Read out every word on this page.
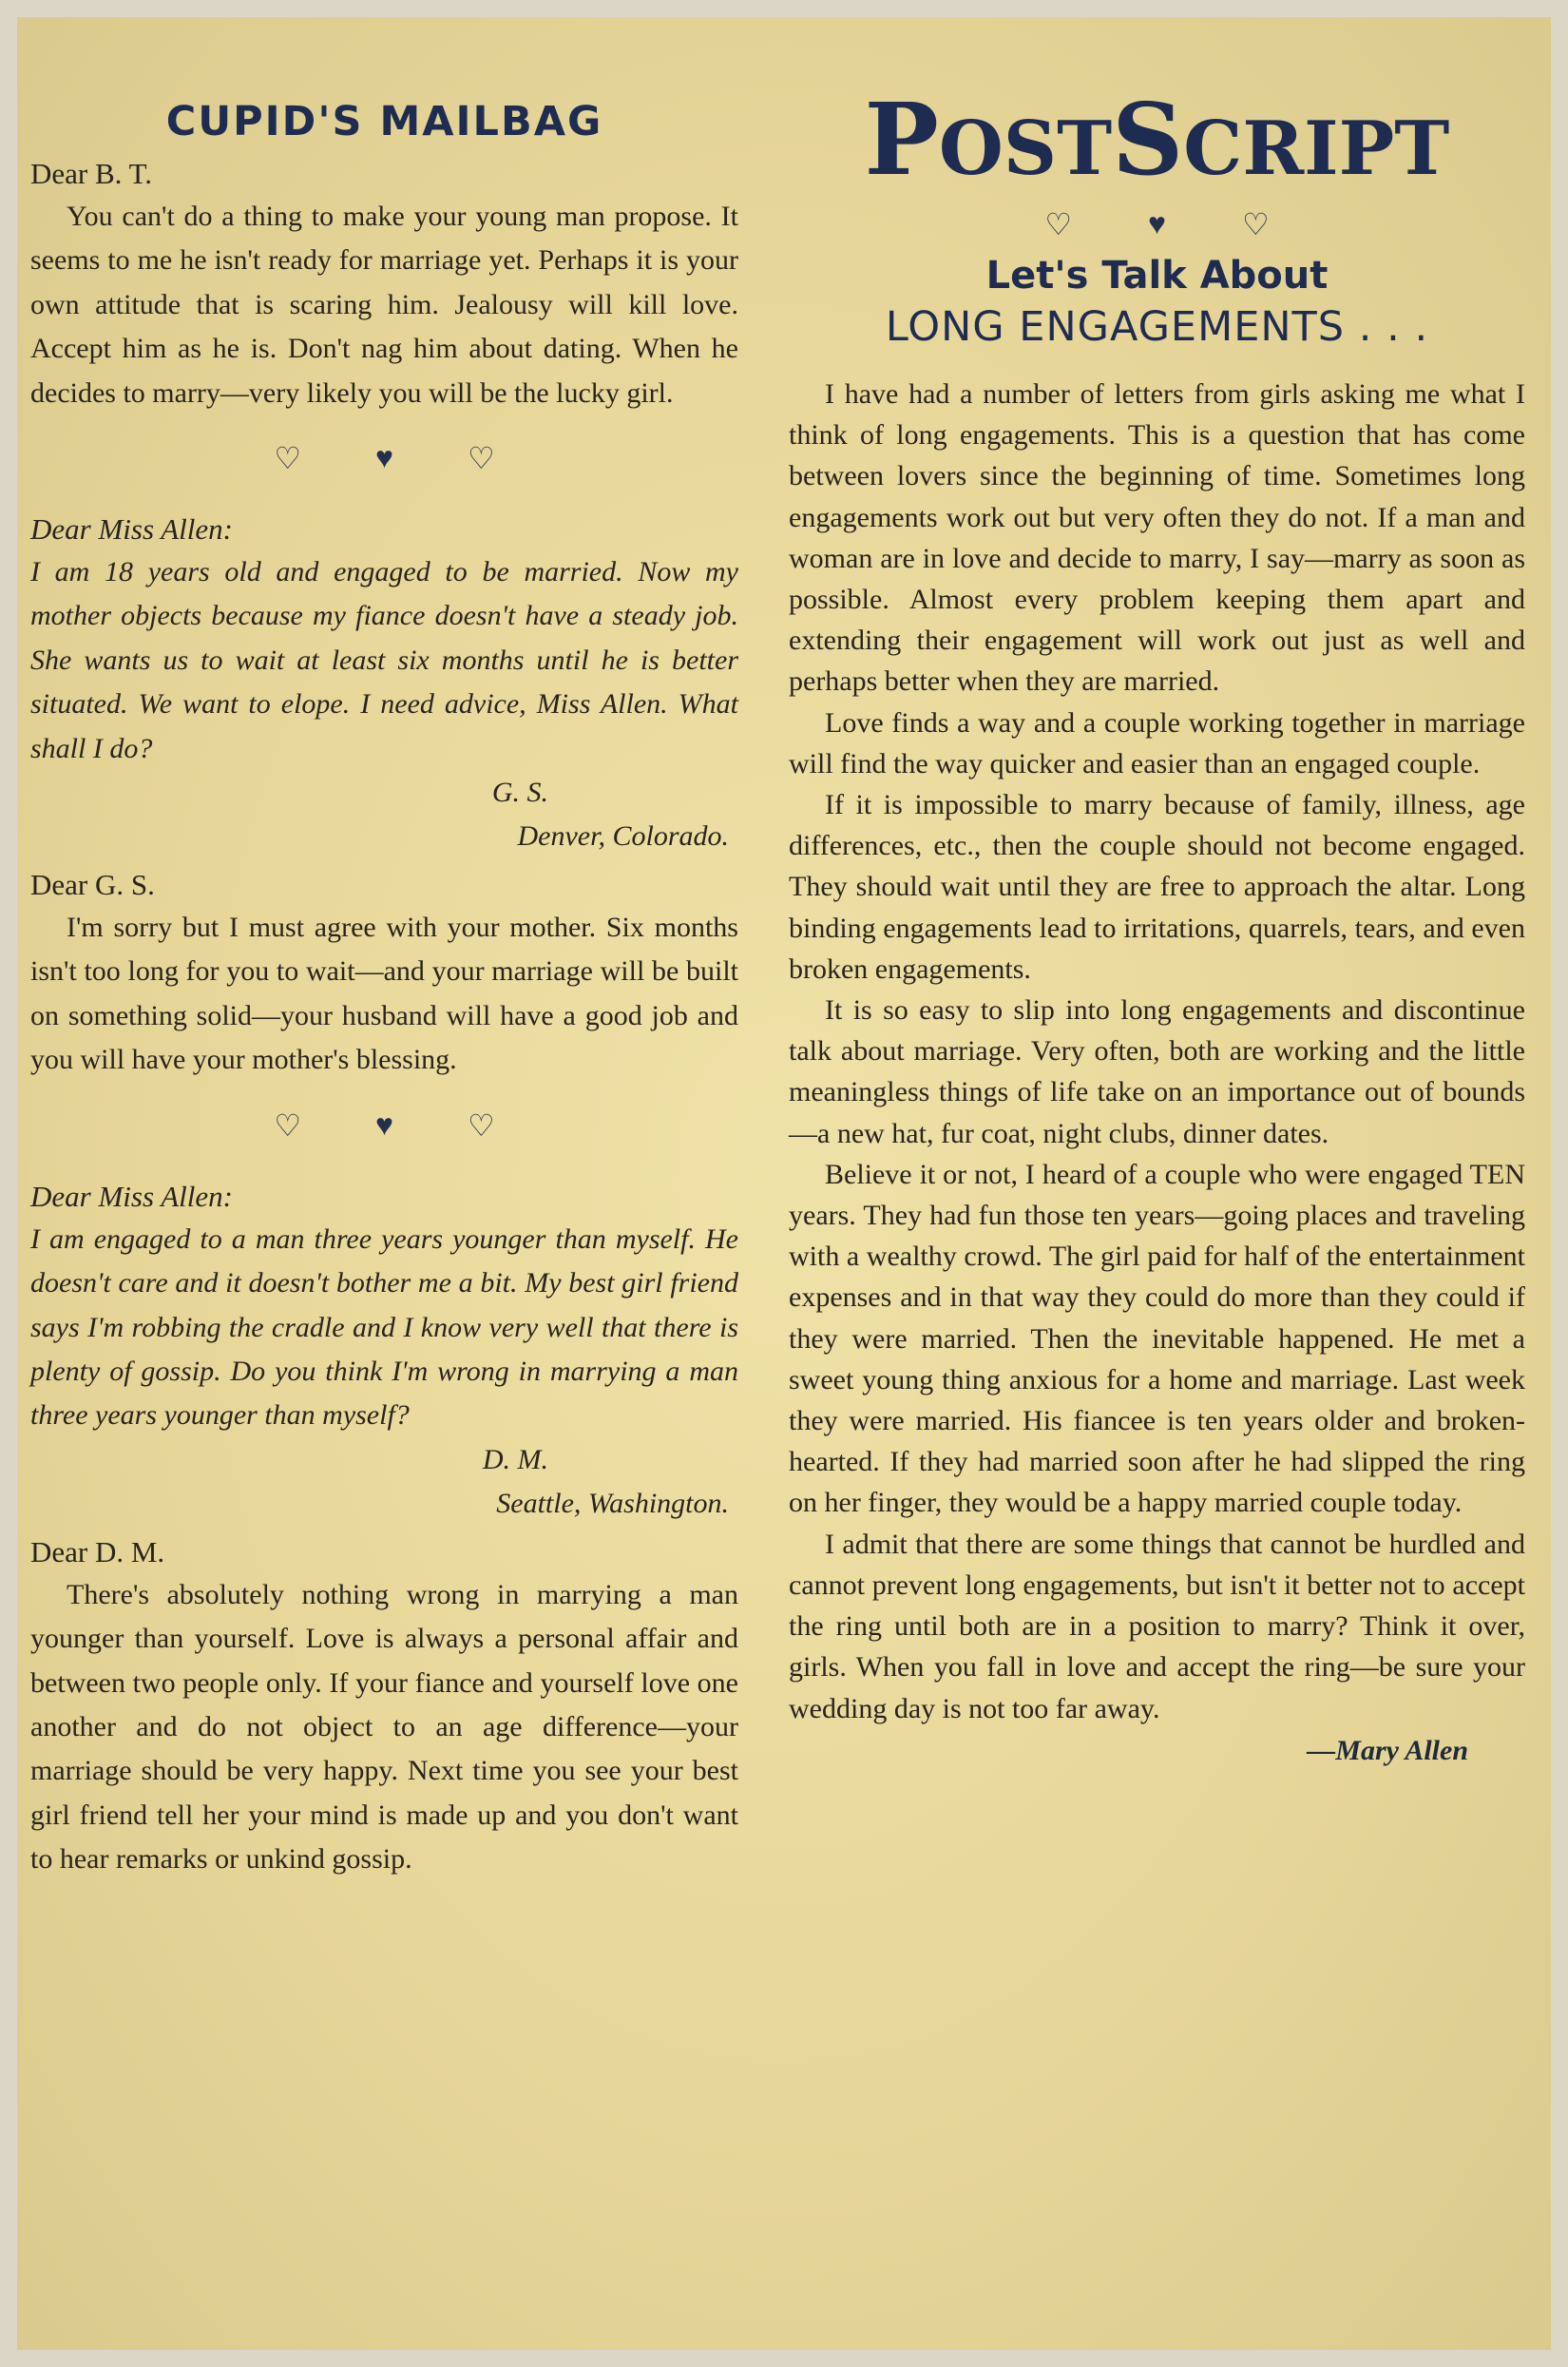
CUPID'S MAILBAG
Dear B. T.

You can't do a thing to make your young man propose. It seems to me he isn't ready for marriage yet. Perhaps it is your own attitude that is scaring him. Jealousy will kill love. Accept him as he is. Don't nag him about dating. When he decides to marry—very likely you will be the lucky girl.

♡ ♥ ♡
Dear Miss Allen:

I am 18 years old and engaged to be married. Now my mother objects because my fiance doesn't have a steady job. She wants us to wait at least six months until he is better situated. We want to elope. I need advice, Miss Allen. What shall I do?

G. S.
Denver, Colorado.
Dear G. S.

I'm sorry but I must agree with your mother. Six months isn't too long for you to wait—and your marriage will be built on something solid—your husband will have a good job and you will have your mother's blessing.

♡ ♥ ♡
Dear Miss Allen:

I am engaged to a man three years younger than myself. He doesn't care and it doesn't bother me a bit. My best girl friend says I'm robbing the cradle and I know very well that there is plenty of gossip. Do you think I'm wrong in marrying a man three years younger than myself?

D. M.
Seattle, Washington.
Dear D. M.

There's absolutely nothing wrong in marrying a man younger than yourself. Love is always a personal affair and between two people only. If your fiance and yourself love one another and do not object to an age difference—your marriage should be very happy. Next time you see your best girl friend tell her your mind is made up and you don't want to hear remarks or unkind gossip.

POSTSCRIPT
♡	♥	♡
Let's Talk About
LONG ENGAGEMENTS . . .

I have had a number of letters from girls asking me what I think of long engagements. This is a question that has come between lovers since the beginning of time. Sometimes long engagements work out but very often they do not. If a man and woman are in love and decide to marry, I say—marry as soon as possible. Almost every problem keeping them apart and extending their engagement will work out just as well and perhaps better when they are married.

Love finds a way and a couple working together in marriage will find the way quicker and easier than an engaged couple.

If it is impossible to marry because of family, illness, age differences, etc., then the couple should not become engaged. They should wait until they are free to approach the altar. Long binding engagements lead to irritations, quarrels, tears, and even broken engagements.

It is so easy to slip into long engagements and discontinue talk about marriage. Very often, both are working and the little meaningless things of life take on an importance out of bounds—a new hat, fur coat, night clubs, dinner dates.

Believe it or not, I heard of a couple who were engaged TEN years. They had fun those ten years—going places and traveling with a wealthy crowd. The girl paid for half of the entertainment expenses and in that way they could do more than they could if they were married. Then the inevitable happened. He met a sweet young thing anxious for a home and marriage. Last week they were married. His fiancee is ten years older and broken-hearted. If they had married soon after he had slipped the ring on her finger, they would be a happy married couple today.

I admit that there are some things that cannot be hurdled and cannot prevent long engagements, but isn't it better not to accept the ring until both are in a position to marry? Think it over, girls. When you fall in love and accept the ring—be sure your wedding day is not too far away.

—Mary Allen
